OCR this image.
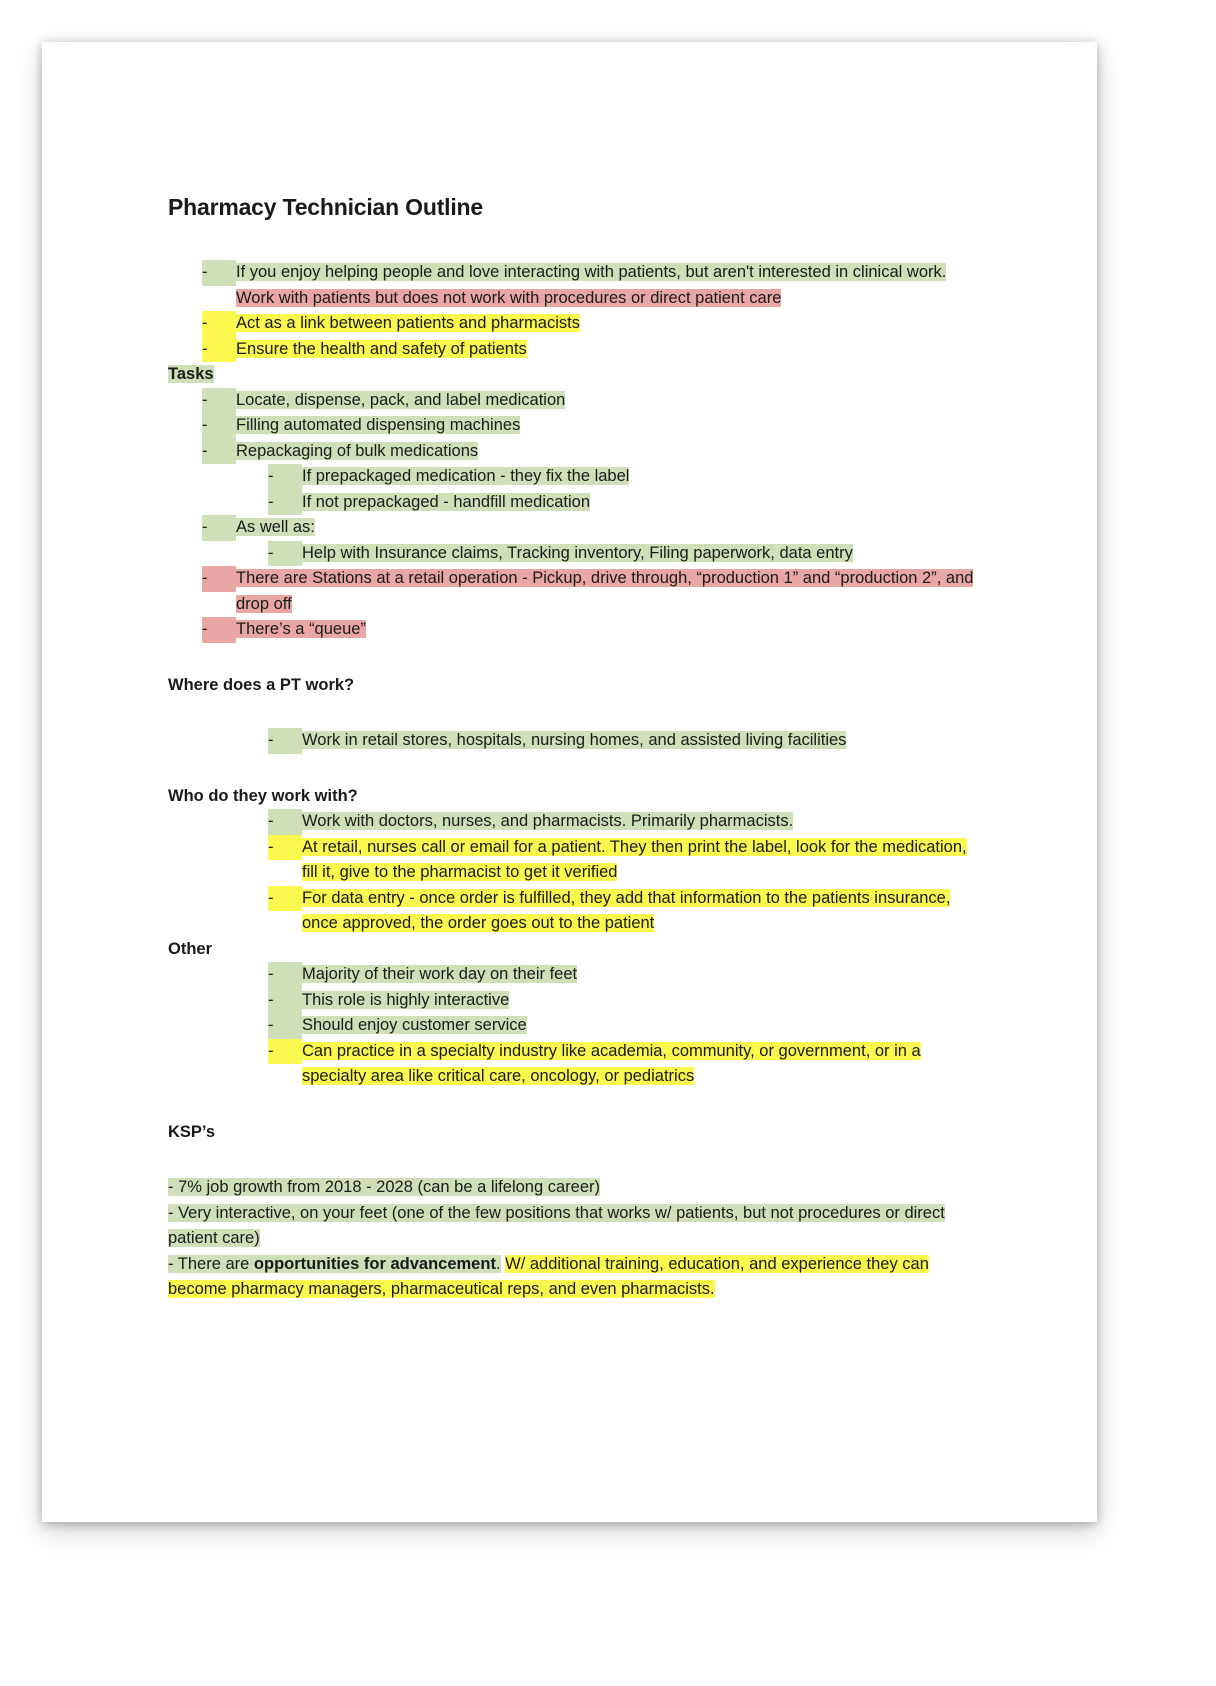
Pharmacy Technician Outline
-	If you enjoy helping people and love interacting with patients, but aren't interested in clinical work. Work with patients but does not work with procedures or direct patient care
-	Act as a link between patients and pharmacists
-	Ensure the health and safety of patients
Tasks
-	Locate, dispense, pack, and label medication
-	Filling automated dispensing machines
-	Repackaging of bulk medications
-	If prepackaged medication - they fix the label
-	If not prepackaged - handfill medication
-	As well as:
-	Help with Insurance claims, Tracking inventory, Filing paperwork, data entry
-	There are Stations at a retail operation - Pickup, drive through, “production 1” and “production 2”, and drop off
-	There’s a “queue”
Where does a PT work?
-	Work in retail stores, hospitals, nursing homes, and assisted living facilities
Who do they work with?
-	Work with doctors, nurses, and pharmacists. Primarily pharmacists.
-	At retail, nurses call or email for a patient. They then print the label, look for the medication, fill it, give to the pharmacist to get it verified
-	For data entry - once order is fulfilled, they add that information to the patients insurance, once approved, the order goes out to the patient
Other
-	Majority of their work day on their feet
-	This role is highly interactive
-	Should enjoy customer service
-	Can practice in a specialty industry like academia, community, or government, or in a specialty area like critical care, oncology, or pediatrics
KSP’s
- 7% job growth from 2018 - 2028 (can be a lifelong career)
- Very interactive, on your feet (one of the few positions that works w/ patients, but not procedures or direct patient care)
- There are opportunities for advancement. W/ additional training, education, and experience they can become pharmacy managers, pharmaceutical reps, and even pharmacists.
